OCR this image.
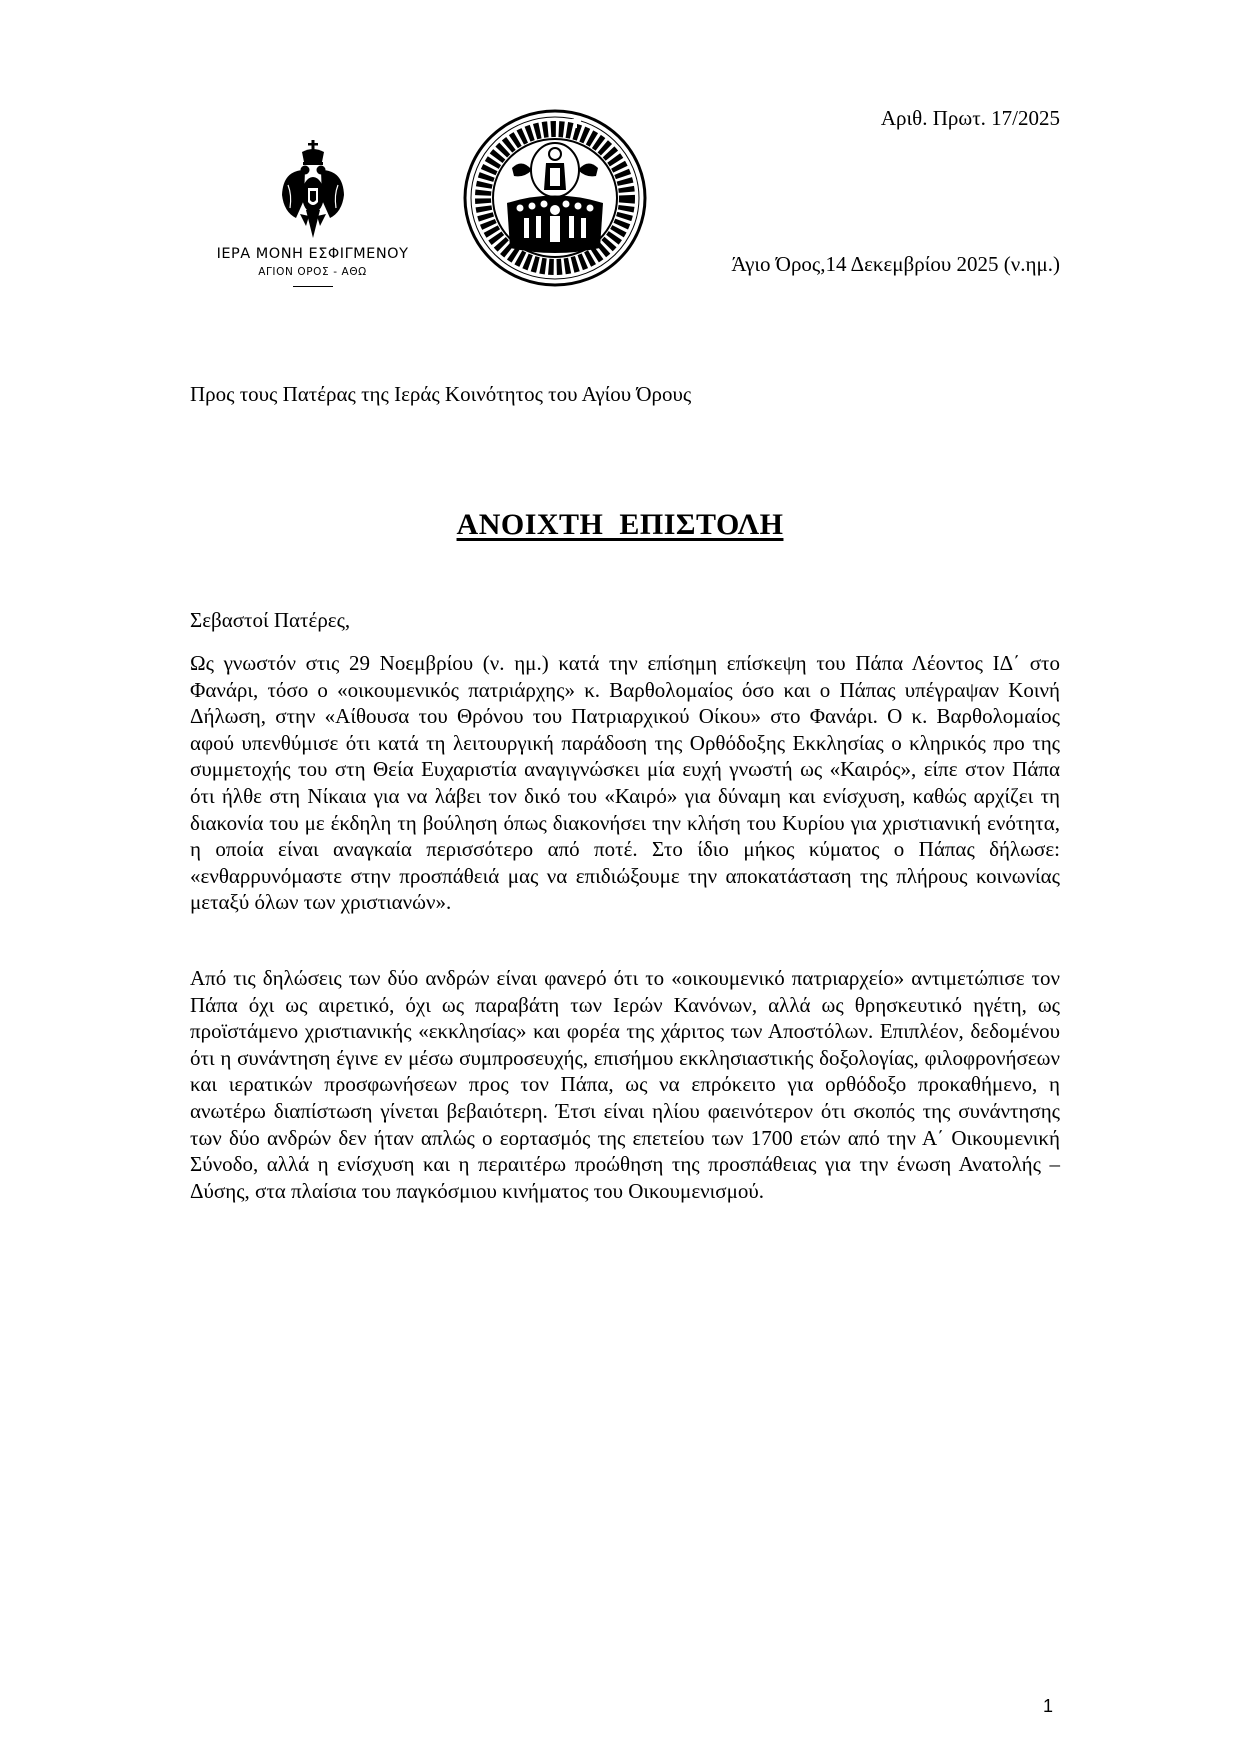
Αριθ. Πρωτ. 17/2025
ΙΕΡΑ ΜΟΝΗ ΕΣΦΙΓΜΕΝΟΥ
ΑΓΙΟΝ ΟΡΟΣ - ΑΘΩ	Άγιο Όρος,14 Δεκεμβρίου 2025 (ν.ημ.)
Προς τους Πατέρας της Ιεράς Κοινότητος του Αγίου Όρους
ΑΝΟΙΧΤΗ  ΕΠΙΣΤΟΛΗ
Σεβαστοί Πατέρες,

Ως γνωστόν στις 29 Νοεμβρίου (ν. ημ.) κατά την επίσημη επίσκεψη του Πάπα Λέοντος ΙΔ΄ στο Φανάρι, τόσο ο «οικουμενικός πατριάρχης» κ. Βαρθολομαίος όσο και ο Πάπας υπέγραψαν Κοινή Δήλωση, στην «Αίθουσα του Θρόνου του Πατριαρχικού Οίκου» στο Φανάρι. Ο κ. Βαρθολομαίος αφού υπενθύμισε ότι κατά τη λειτουργική παράδοση της Ορθόδοξης Εκκλησίας ο κληρικός προ της συμμετοχής του στη Θεία Ευχαριστία αναγιγνώσκει μία ευχή γνωστή ως «Καιρός», είπε στον Πάπα ότι ήλθε στη Νίκαια για να λάβει τον δικό του «Καιρό» για δύναμη και ενίσχυση, καθώς αρχίζει τη διακονία του με έκδηλη τη βούληση όπως διακονήσει την κλήση του Κυρίου για χριστιανική ενότητα, η οποία είναι αναγκαία περισσότερο από ποτέ. Στο ίδιο μήκος κύματος ο Πάπας δήλωσε: «ενθαρρυνόμαστε στην προσπάθειά μας να επιδιώξουμε την αποκατάσταση της πλήρους κοινωνίας μεταξύ όλων των χριστιανών».

Από τις δηλώσεις των δύο ανδρών είναι φανερό ότι το «οικουμενικό πατριαρχείο» αντιμετώπισε τον Πάπα όχι ως αιρετικό, όχι ως παραβάτη των Ιερών Κανόνων, αλλά ως θρησκευτικό ηγέτη, ως προϊστάμενο χριστιανικής «εκκλησίας» και φορέα της χάριτος των Αποστόλων. Επιπλέον, δεδομένου ότι η συνάντηση έγινε εν μέσω συμπροσευχής, επισήμου εκκλησιαστικής δοξολογίας, φιλοφρονήσεων και ιερατικών προσφωνήσεων προς τον Πάπα, ως να επρόκειτο για ορθόδοξο προκαθήμενο, η ανωτέρω διαπίστωση γίνεται βεβαιότερη. Έτσι είναι ηλίου φαεινότερον ότι σκοπός της συνάντησης των δύο ανδρών δεν ήταν απλώς ο εορτασμός της επετείου των 1700 ετών από την Α΄ Οικουμενική Σύνοδο, αλλά η ενίσχυση και η περαιτέρω προώθηση της προσπάθειας για την ένωση Ανατολής – Δύσης, στα πλαίσια του παγκόσμιου κινήματος του Οικουμενισμού.

1
